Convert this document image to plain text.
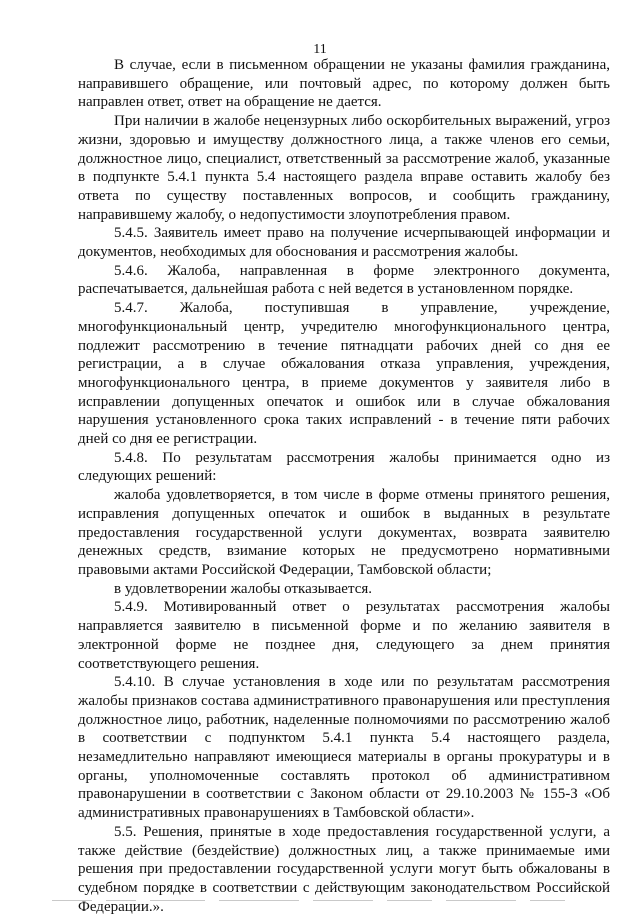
11

В случае, если в письменном обращении не указаны фамилия гражданина, направившего обращение, или почтовый адрес, по которому должен быть направлен ответ, ответ на обращение не дается.

При наличии в жалобе нецензурных либо оскорбительных выражений, угроз жизни, здоровью и имуществу должностного лица, а также членов его семьи, должностное лицо, специалист, ответственный за рассмотрение жалоб, указанные в подпункте 5.4.1 пункта 5.4 настоящего раздела вправе оставить жалобу без ответа по существу поставленных вопросов, и сообщить гражданину, направившему жалобу, о недопустимости злоупотребления правом.

5.4.5. Заявитель имеет право на получение исчерпывающей информации и документов, необходимых для обоснования и рассмотрения жалобы.

5.4.6. Жалоба, направленная в форме электронного документа, распечатывается, дальнейшая работа с ней ведется в установленном порядке.

5.4.7. Жалоба, поступившая в управление, учреждение, многофункциональный центр, учредителю многофункционального центра, подлежит рассмотрению в течение пятнадцати рабочих дней со дня ее регистрации, а в случае обжалования отказа управления, учреждения, многофункционального центра, в приеме документов у заявителя либо в исправлении допущенных опечаток и ошибок или в случае обжалования нарушения установленного срока таких исправлений - в течение пяти рабочих дней со дня ее регистрации.

5.4.8. По результатам рассмотрения жалобы принимается одно из следующих решений:

жалоба удовлетворяется, в том числе в форме отмены принятого решения, исправления допущенных опечаток и ошибок в выданных в результате предоставления государственной услуги документах, возврата заявителю денежных средств, взимание которых не предусмотрено нормативными правовыми актами Российской Федерации, Тамбовской области;

в удовлетворении жалобы отказывается.

5.4.9. Мотивированный ответ о результатах рассмотрения жалобы направляется заявителю в письменной форме и по желанию заявителя в электронной форме не позднее дня, следующего за днем принятия соответствующего решения.

5.4.10. В случае установления в ходе или по результатам рассмотрения жалобы признаков состава административного правонарушения или преступления должностное лицо, работник, наделенные полномочиями по рассмотрению жалоб в соответствии с подпунктом 5.4.1 пункта 5.4 настоящего раздела, незамедлительно направляют имеющиеся материалы в органы прокуратуры и в органы, уполномоченные составлять протокол об административном правонарушении в соответствии с Законом области от 29.10.2003 № 155-З «Об административных правонарушениях в Тамбовской области».

5.5. Решения, принятые в ходе предоставления государственной услуги, а также действие (бездействие) должностных лиц, а также принимаемые ими решения при предоставлении государственной услуги могут быть обжалованы в судебном порядке в соответствии с действующим законодательством Российской Федерации.».
